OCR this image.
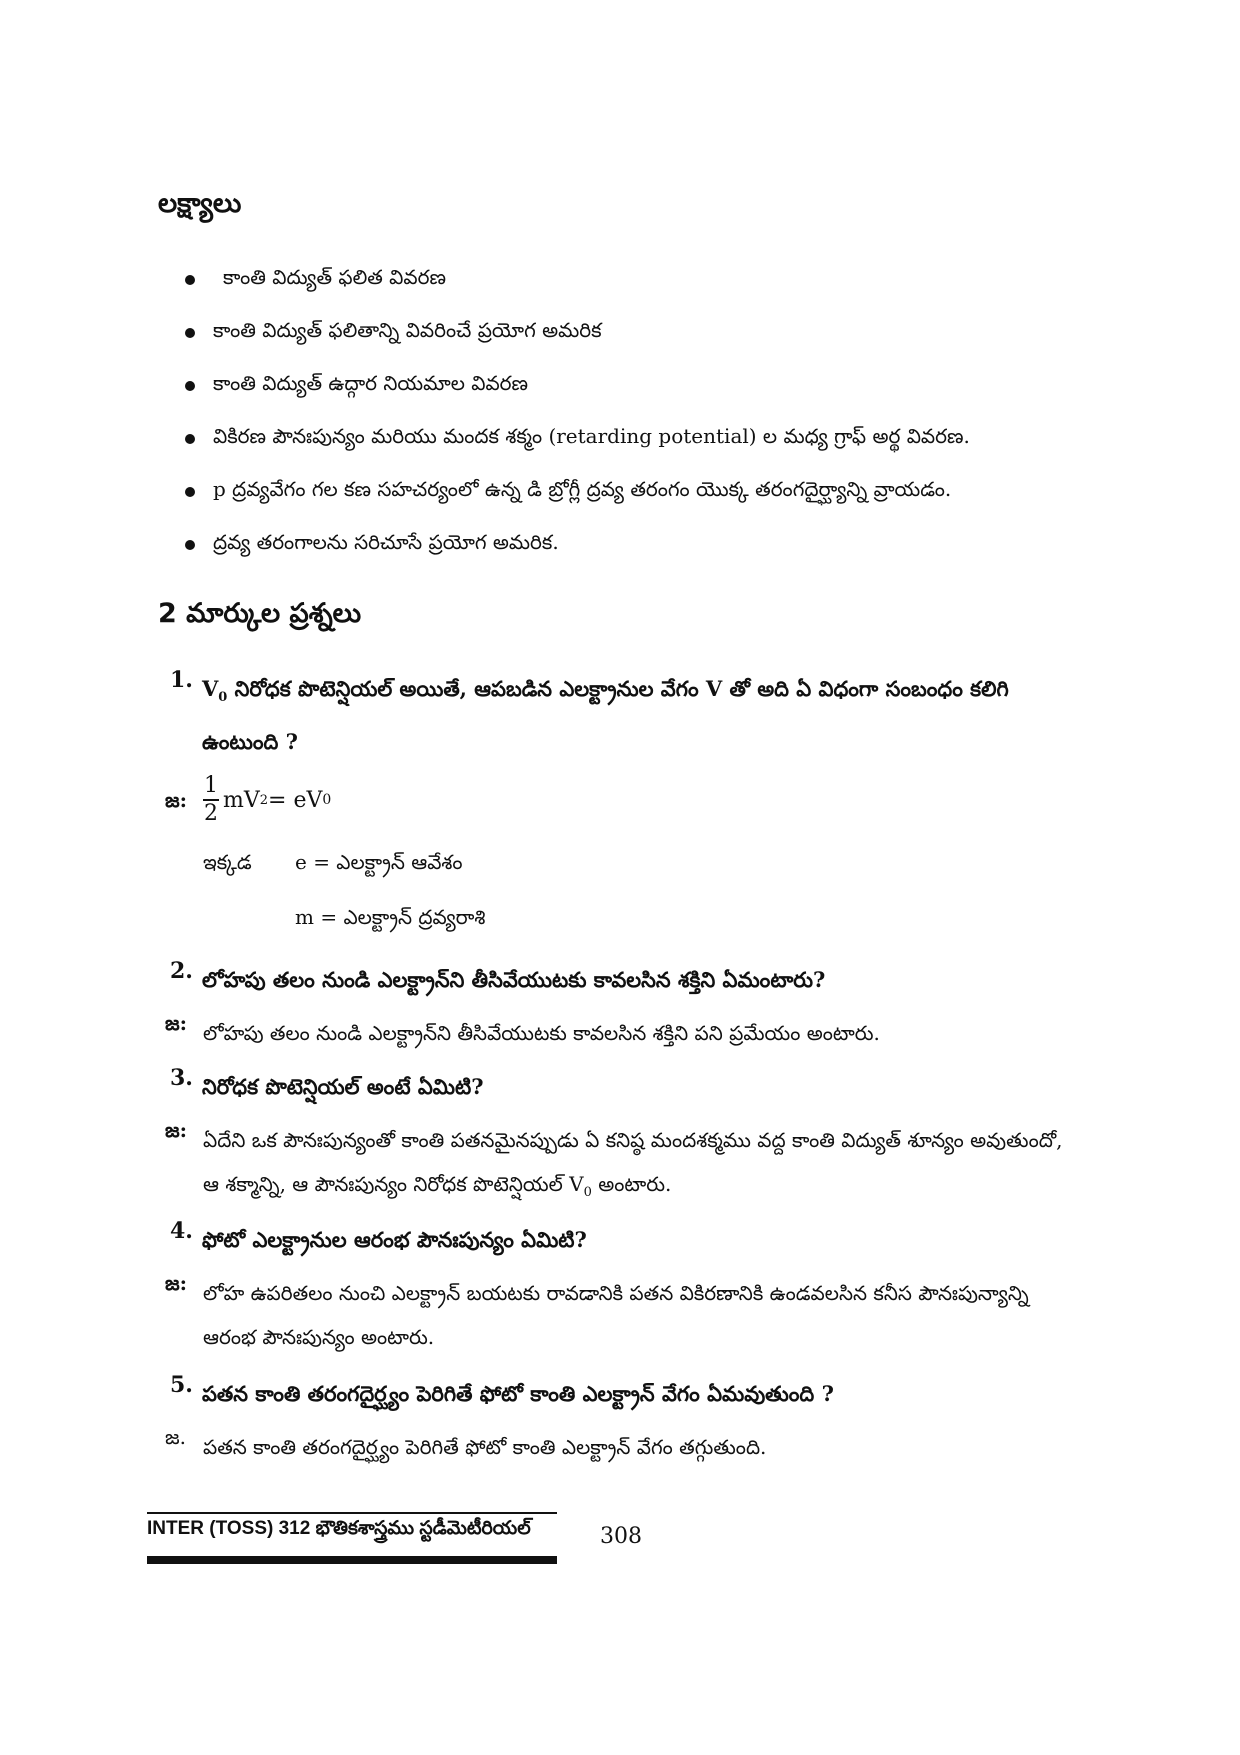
లక్ష్యాలు
కాంతి విద్యుత్ ఫలిత వివరణ
కాంతి విద్యుత్ ఫలితాన్ని వివరించే ప్రయోగ అమరిక
కాంతి విద్యుత్ ఉద్గార నియమాల వివరణ
వికిరణ పౌనఃపున్యం మరియు మందక శక్మం (retarding potential) ల మధ్య గ్రాఫ్ అర్థ వివరణ.
p ద్రవ్యవేగం గల కణ సహచర్యంలో ఉన్న డి బ్రోగ్లీ ద్రవ్య తరంగం యొక్క తరంగదైర్ఘ్యాన్ని వ్రాయడం.
ద్రవ్య తరంగాలను సరిచూసే ప్రయోగ అమరిక.
2 మార్కుల ప్రశ్నలు
1. $V_0$ నిరోధక పొటెన్షియల్ అయితే, ఆపబడిన ఎలక్ట్రానుల వేగం V తో అది ఏ విధంగా సంబంధం కలిగి
ఉంటుంది ?
జ: $\frac{1}{2}$ mV 2 = eV 0
ఇక్కడ e = ఎలక్ట్రాన్ ఆవేశం
m = ఎలక్ట్రాన్ ద్రవ్యరాశి
2. లోహపు తలం నుండి ఎలక్ట్రాన్‌ని తీసివేయుటకు కావలసిన శక్తిని ఏమంటారు?
జ: లోహపు తలం నుండి ఎలక్ట్రాన్‌ని తీసివేయుటకు కావలసిన శక్తిని పని ప్రమేయం అంటారు.
3. నిరోధక పొటెన్షియల్ అంటే ఏమిటి?
జ: ఏదేని ఒక పౌనఃపున్యంతో కాంతి పతనమైనప్పుడు ఏ కనిష్ఠ మందశక్మము వద్ద కాంతి విద్యుత్ శూన్యం అవుతుందో,
ఆ శక్మాన్ని, ఆ పౌనఃపున్యం నిరోధక పొటెన్షియల్ $V_0$ అంటారు.
4. ఫోటో ఎలక్ట్రానుల ఆరంభ పౌనఃపున్యం ఏమిటి?
జ: లోహ ఉపరితలం నుంచి ఎలక్ట్రాన్ బయటకు రావడానికి పతన వికిరణానికి ఉండవలసిన కనీస పౌనఃపున్యాన్ని
ఆరంభ పౌనఃపున్యం అంటారు.
5. పతన కాంతి తరంగదైర్ఘ్యం పెరిగితే ఫోటో కాంతి ఎలక్ట్రాన్ వేగం ఏమవుతుంది ?
జ. పతన కాంతి తరంగదైర్ఘ్యం పెరిగితే ఫోటో కాంతి ఎలక్ట్రాన్ వేగం తగ్గుతుంది.
INTER (TOSS) 312 భౌతికశాస్త్రము స్టడీమెటీరియల్	308
